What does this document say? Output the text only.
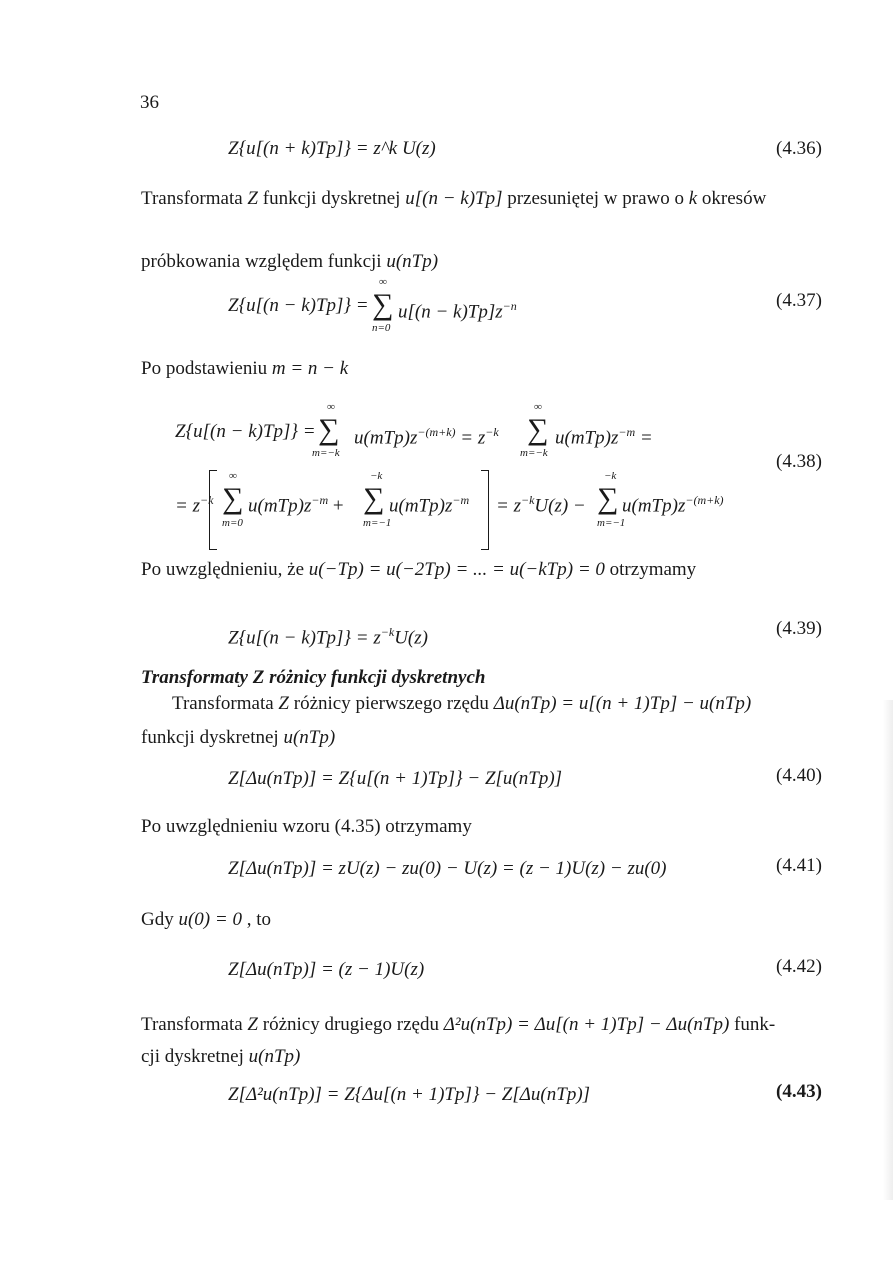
36
Z{u[(n + k)Tp]} = z^k U(z)	(4.36)
Transformata Z funkcji dyskretnej u[(n − k)Tp] przesuniętej w prawo o k okresów
próbkowania względem funkcji u(nTp)
Z{u[(n − k)Tp]} =
∞
∑
n=0
$u[(n - k)Tp]z^{-n}$	(4.37)
Po podstawieniu m = n − k
Z{u[(n − k)Tp]} =
∞
∑
m=−k
$u(mTp)z^{-(m+k)} = z^{-k}$
∞
∑
m=−k
$u(mTp)z^{-m}$ =
= $z^{-k}$
∞
∑
m=0
$u(mTp)z^{-m}$ +
−k
∑
m=−1
$u(mTp)z^{-m} = z^{-k}U(z)$ −
−k
∑
m=−1
$u(mTp)z^{-(m+k)}$
(4.38)
Po uwzględnieniu, że u(−Tp) = u(−2Tp) = ... = u(−kTp) = 0 otrzymamy
$Z\{u[(n - k)Tp]\} = z^{-k}U(z)$	(4.39)
Transformaty Z różnicy funkcji dyskretnych
Transformata Z różnicy pierwszego rzędu Δu(nTp) = u[(n + 1)Tp] − u(nTp)
funkcji dyskretnej u(nTp)
Z[Δu(nTp)] = Z{u[(n + 1)Tp]} − Z[u(nTp)]	(4.40)
Po uwzględnieniu wzoru (4.35) otrzymamy
Z[Δu(nTp)] = zU(z) − zu(0) − U(z) = (z − 1)U(z) − zu(0)	(4.41)
Gdy u(0) = 0 , to
Z[Δu(nTp)] = (z − 1)U(z)	(4.42)
Transformata Z różnicy drugiego rzędu Δ²u(nTp) = Δu[(n + 1)Tp] − Δu(nTp) funk-
cji dyskretnej u(nTp)
Z[Δ²u(nTp)] = Z{Δu[(n + 1)Tp]} − Z[Δu(nTp)]	(4.43)
